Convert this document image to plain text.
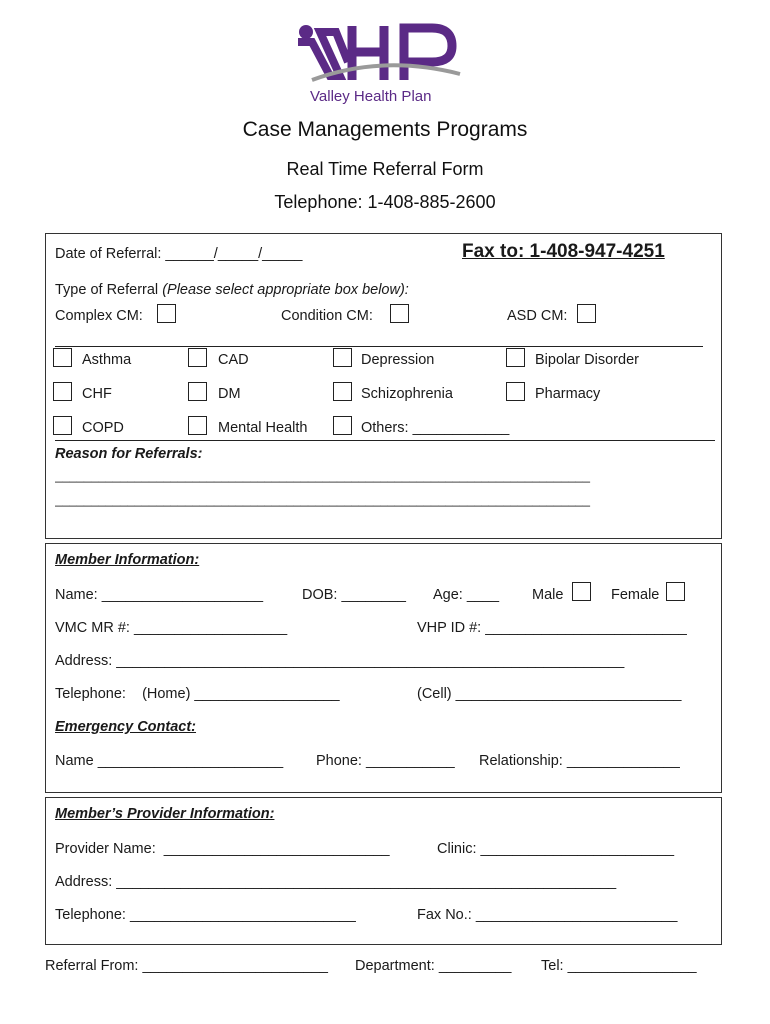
Valley Health Plan
Case Managements Programs
Real Time Referral Form
Telephone: 1-408-885-2600
Date of Referral: ______/_____/_____	Fax to: 1-408-947-4251
Type of Referral (Please select appropriate box below):
Complex CM:	Condition CM:	ASD CM:
Asthma	CAD	Depression	Bipolar Disorder
CHF	DM	Schizophrenia	Pharmacy
COPD	Mental Health	Others: ____________
Reason for Referrals:
__________________________________________________________________________
__________________________________________________________________________
Member Information:
Name: ____________________	DOB: ________ Age: ____ Male	Female
VMC MR #: ___________________	VHP ID #: _________________________
Address: _______________________________________________________________
Telephone:    (Home) __________________	(Cell) ____________________________
Emergency Contact:
Name _______________________ Phone: ___________ Relationship: ______________
Member’s Provider Information:
Provider Name:  ____________________________	Clinic: ________________________
Address: ______________________________________________________________
Telephone: ____________________________	Fax No.: _________________________
Referral From: _______________________ Department: _________ Tel: ________________
